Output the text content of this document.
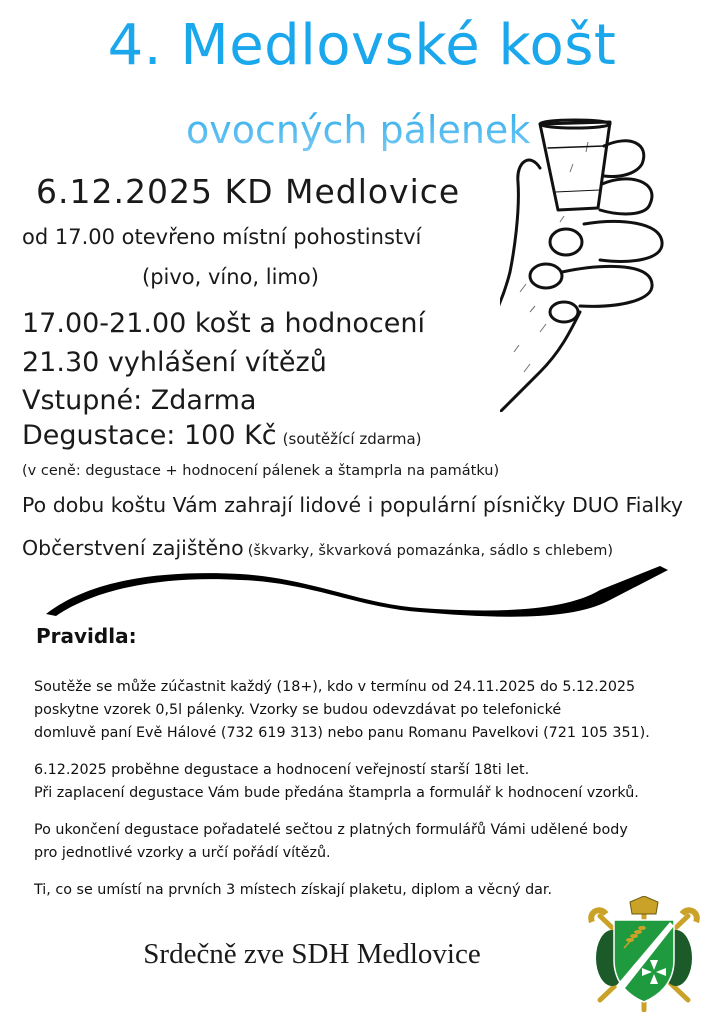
4. Medlovské košt
ovocných pálenek
6.12.2025 KD Medlovice
od 17.00 otevřeno místní pohostinství
(pivo, víno, limo)
17.00-21.00 košt a hodnocení
21.30 vyhlášení vítězů
Vstupné: Zdarma
Degustace: 100 Kč (soutěžící zdarma)
(v ceně: degustace + hodnocení pálenek a štamprla na památku)
Po dobu koštu Vám zahrají lidové i populární písničky DUO Fialky
Občerstvení zajištěno (škvarky, škvarková pomazánka, sádlo s chlebem)
Pravidla:

Soutěže se může zúčastnit každý (18+), kdo v termínu od 24.11.2025 do 5.12.2025
poskytne vzorek 0,5l pálenky. Vzorky se budou odevzdávat po telefonické
domluvě paní Evě Hálové (732 619 313) nebo panu Romanu Pavelkovi (721 105 351).

6.12.2025 proběhne degustace a hodnocení veřejností starší 18ti let.
Při zaplacení degustace Vám bude předána štamprla a formulář k hodnocení vzorků.

Po ukončení degustace pořadatelé sečtou z platných formulářů Vámi udělené body
pro jednotlivé vzorky a určí pořádí vítězů.

Ti, co se umístí na prvních 3 místech získají plaketu, diplom a věcný dar.

Srdečně zve SDH Medlovice
